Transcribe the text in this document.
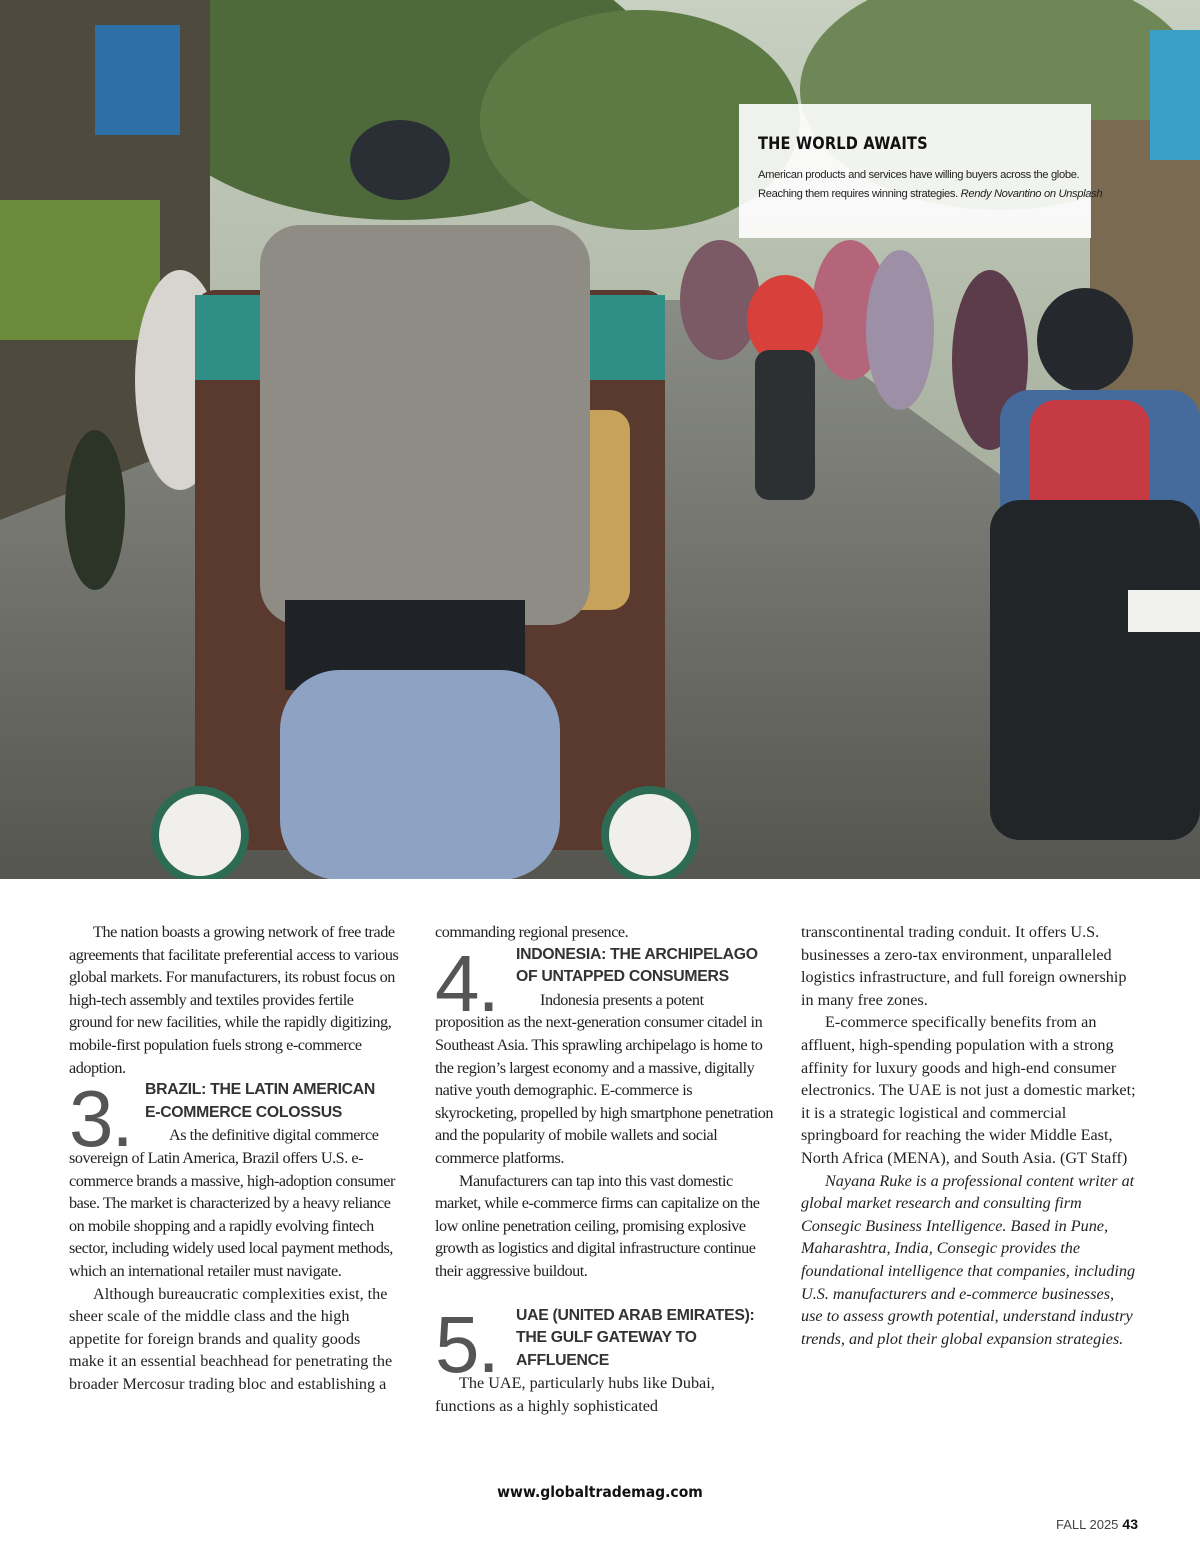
THE WORLD AWAITS
American products and services have willing buyers across the globe.
Reaching them requires winning strategies. Rendy Novantino on Unsplash

The nation boasts a growing network of free trade agreements that facilitate preferential access to various global markets. For manufacturers, its robust focus on high-tech assembly and textiles provides fertile ground for new facilities, while the rapidly digitizing, mobile-first population fuels strong e-commerce adoption.

3. BRAZIL: THE LATIN AMERICAN
E-COMMERCE COLOSSUS

As the definitive digital commerce sovereign of Latin America, Brazil offers U.S. e-commerce brands a massive, high-adoption consumer base. The market is characterized by a heavy reliance on mobile shopping and a rapidly evolving fintech sector, including widely used local payment methods, which an international retailer must navigate.

Although bureaucratic complexities exist, the sheer scale of the middle class and the high appetite for foreign brands and quality goods make it an essential beachhead for penetrating the broader Mercosur trading bloc and establishing a

commanding regional presence.

4. INDONESIA: THE ARCHIPELAGO
OF UNTAPPED CONSUMERS

Indonesia presents a potent proposition as the next-generation consumer citadel in Southeast Asia. This sprawling archipelago is home to the region’s largest economy and a massive, digitally native youth demographic. E-commerce is skyrocketing, propelled by high smartphone penetration and the popularity of mobile wallets and social commerce platforms.

Manufacturers can tap into this vast domestic market, while e-commerce firms can capitalize on the low online penetration ceiling, promising explosive growth as logistics and digital infrastructure continue their aggressive buildout.

5. UAE (UNITED ARAB EMIRATES):
THE GULF GATEWAY TO
AFFLUENCE

The UAE, particularly hubs like Dubai, functions as a highly sophisticated

transcontinental trading conduit. It offers U.S. businesses a zero-tax environment, unparalleled logistics infrastructure, and full foreign ownership in many free zones.

E-commerce specifically benefits from an affluent, high-spending population with a strong affinity for luxury goods and high-end consumer electronics. The UAE is not just a domestic market; it is a strategic logistical and commercial springboard for reaching the wider Middle East, North Africa (MENA), and South Asia. (GT Staff)

Nayana Ruke is a professional content writer at global market research and consulting firm Consegic Business Intelligence. Based in Pune, Maharashtra, India, Consegic provides the foundational intelligence that companies, including U.S. manufacturers and e-commerce businesses, use to assess growth potential, understand industry trends, and plot their global expansion strategies.

www.globaltrademag.com
FALL 2025 43
